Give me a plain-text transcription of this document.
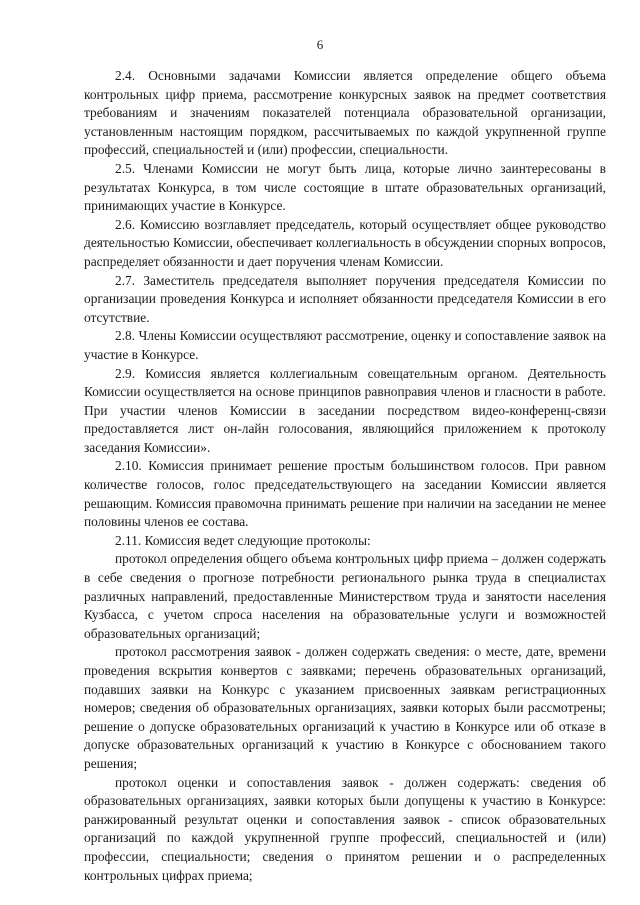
6

2.4. Основными задачами Комиссии является определение общего объема контрольных цифр приема, рассмотрение конкурсных заявок на предмет соответствия требованиям и значениям показателей потенциала образовательной организации, установленным настоящим порядком, рассчитываемых по каждой укрупненной группе профессий, специальностей и (или) профессии, специальности.

2.5. Членами Комиссии не могут быть лица, которые лично заинтересованы в результатах Конкурса, в том числе состоящие в штате образовательных организаций, принимающих участие в Конкурсе.

2.6. Комиссию возглавляет председатель, который осуществляет общее руководство деятельностью Комиссии, обеспечивает коллегиальность в обсуждении спорных вопросов, распределяет обязанности и дает поручения членам Комиссии.

2.7. Заместитель председателя выполняет поручения председателя Комиссии по организации проведения Конкурса и исполняет обязанности председателя Комиссии в его отсутствие.

2.8. Члены Комиссии осуществляют рассмотрение, оценку и сопоставление заявок на участие в Конкурсе.

2.9. Комиссия является коллегиальным совещательным органом. Деятельность Комиссии осуществляется на основе принципов равноправия членов и гласности в работе. При участии членов Комиссии в заседании посредством видео-конференц-связи предоставляется лист он-лайн голосования, являющийся приложением к протоколу заседания Комиссии».

2.10. Комиссия принимает решение простым большинством голосов. При равном количестве голосов, голос председательствующего на заседании Комиссии является решающим. Комиссия правомочна принимать решение при наличии на заседании не менее половины членов ее состава.

2.11. Комиссия ведет следующие протоколы:

протокол определения общего объема контрольных цифр приема – должен содержать в себе сведения о прогнозе потребности регионального рынка труда в специалистах различных направлений, предоставленные Министерством труда и занятости населения Кузбасса, с учетом спроса населения на образовательные услуги и возможностей образовательных организаций;

протокол рассмотрения заявок - должен содержать сведения: о месте, дате, времени проведения вскрытия конвертов с заявками; перечень образовательных организаций, подавших заявки на Конкурс с указанием присвоенных заявкам регистрационных номеров; сведения об образовательных организациях, заявки которых были рассмотрены; решение о допуске образовательных организаций к участию в Конкурсе или об отказе в допуске образовательных организаций к участию в Конкурсе с обоснованием такого решения;

протокол оценки и сопоставления заявок - должен содержать: сведения об образовательных организациях, заявки которых были допущены к участию в Конкурсе: ранжированный результат оценки и сопоставления заявок - список образовательных организаций по каждой укрупненной группе профессий, специальностей и (или) профессии, специальности; сведения о принятом решении и о распределенных контрольных цифрах приема;
